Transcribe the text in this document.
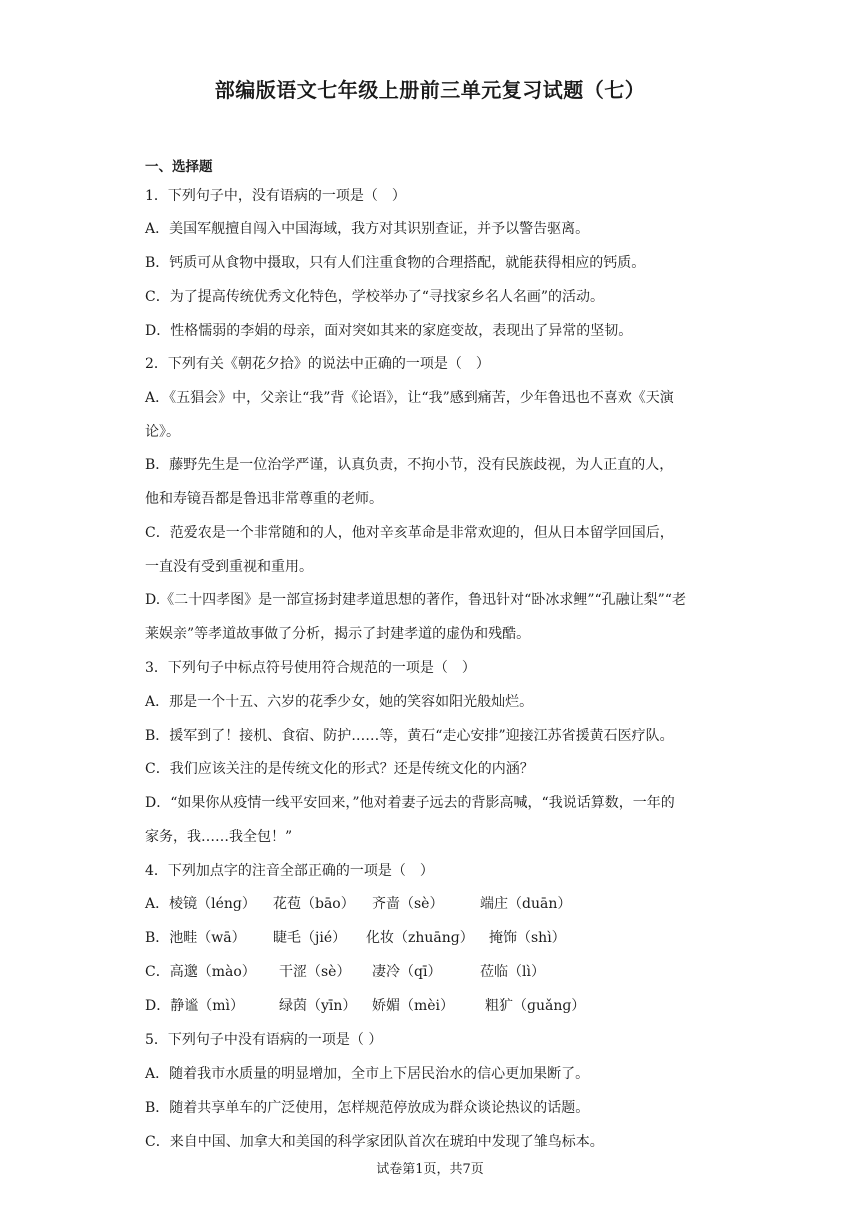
部编版语文七年级上册前三单元复习试题（七）
一、选择题
1．下列句子中，没有语病的一项是（　）
A．美国军舰擅自闯入中国海域，我方对其识别查证，并予以警告驱离。
B．钙质可从食物中摄取，只有人们注重食物的合理搭配，就能获得相应的钙质。
C．为了提高传统优秀文化特色，学校举办了“寻找家乡名人名画”的活动。
D．性格懦弱的李娟的母亲，面对突如其来的家庭变故，表现出了异常的坚韧。
2．下列有关《朝花夕拾》的说法中正确的一项是（　）
A．《五猖会》中，父亲让“我”背《论语》，让“我”感到痛苦，少年鲁迅也不喜欢《天演
论》。
B．藤野先生是一位治学严谨，认真负责，不拘小节，没有民族歧视，为人正直的人，
他和寿镜吾都是鲁迅非常尊重的老师。
C．范爱农是一个非常随和的人，他对辛亥革命是非常欢迎的，但从日本留学回国后，
一直没有受到重视和重用。
D.《二十四孝图》是一部宣扬封建孝道思想的著作，鲁迅针对“卧冰求鲤”“孔融让梨”“老
莱娱亲”等孝道故事做了分析，揭示了封建孝道的虚伪和残酷。
3．下列句子中标点符号使用符合规范的一项是（　）
A．那是一个十五、六岁的花季少女，她的笑容如阳光般灿烂。
B．援军到了！接机、食宿、防护……等，黄石“走心安排”迎接江苏省援黄石医疗队。
C．我们应该关注的是传统文化的形式？还是传统文化的内涵？
D．“如果你从疫情一线平安回来，”他对着妻子远去的背影高喊，“我说话算数，一年的
家务，我……我全包！”
4．下列加点字的注音全部正确的一项是（　）
A．棱镜（lénɡ） 花苞（bāo） 齐啬（sè）	端庄（duān）
B．池畦（wā） 睫毛（jié） 化妆（zhuānɡ） 掩饰（shì）
C．高邈（mào） 干涩（sè） 凄冷（qī）	莅临（lì）
D．静谧（mì）	绿茵（yīn） 娇媚（mèi） 粗犷（ɡuǎnɡ）
5．下列句子中没有语病的一项是（ ）
A．随着我市水质量的明显增加，全市上下居民治水的信心更加果断了。
B．随着共享单车的广泛使用，怎样规范停放成为群众谈论热议的话题。
C．来自中国、加拿大和美国的科学家团队首次在琥珀中发现了雏鸟标本。
试卷第1页，共7页
